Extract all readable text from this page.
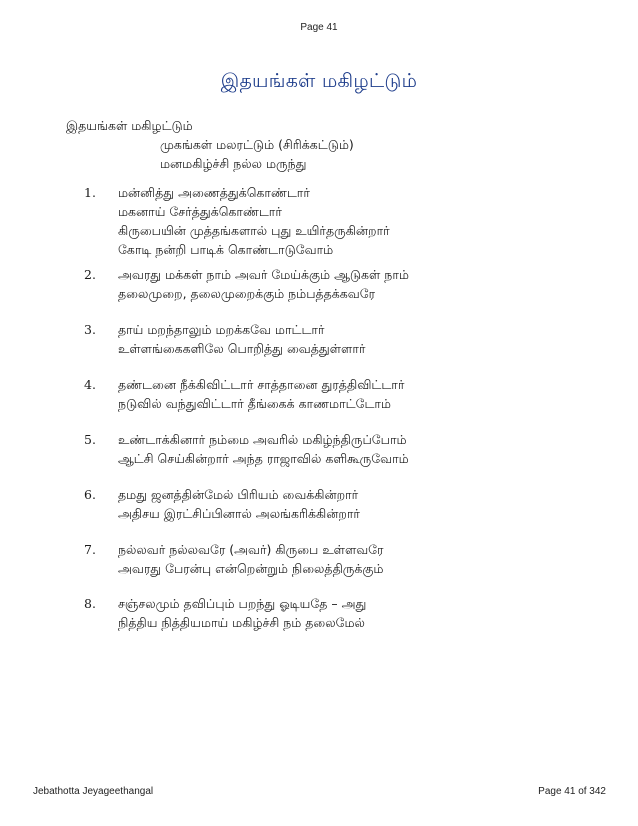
Page 41
இதயங்கள் மகிழட்டும்
இதயங்கள் மகிழட்டும்
முகங்கள் மலரட்டும் (சிரிக்கட்டும்)
மனமகிழ்ச்சி நல்ல மருந்து
1. மன்னித்து அணைத்துக்கொண்டார்
மகனாய் சேர்த்துக்கொண்டார்
கிருபையின் முத்தங்களால் புது உயிர்தருகின்றார்
கோடி நன்றி பாடிக் கொண்டாடுவோம்
2. அவரது மக்கள் நாம் அவர் மேய்க்கும் ஆடுகள் நாம்
தலைமுறை, தலைமுறைக்கும் நம்பத்தக்கவரே
3. தாய் மறந்தாலும் மறக்கவே மாட்டார்
உள்ளங்கைகளிலே பொறித்து வைத்துள்ளார்
4. தண்டனை நீக்கிவிட்டார் சாத்தானை துரத்திவிட்டார்
நடுவில் வந்துவிட்டார் தீங்கைக் காணமாட்டோம்
5. உண்டாக்கினார் நம்மை அவரில் மகிழ்ந்திருப்போம்
ஆட்சி செய்கின்றார் அந்த ராஜாவில் களிகூருவோம்
6. தமது ஜனத்தின்மேல் பிரியம் வைக்கின்றார்
அதிசய இரட்சிப்பினால் அலங்கரிக்கின்றார்
7. நல்லவர் நல்லவரே (அவர்) கிருபை உள்ளவரே
அவரது பேரன்பு என்றென்றும் நிலைத்திருக்கும்
8. சஞ்சலமும் தவிப்பும் பறந்து ஓடியதே – அது
நித்திய நித்தியமாய் மகிழ்ச்சி நம் தலைமேல்
Jebathotta Jeyageethangal	Page 41 of 342
